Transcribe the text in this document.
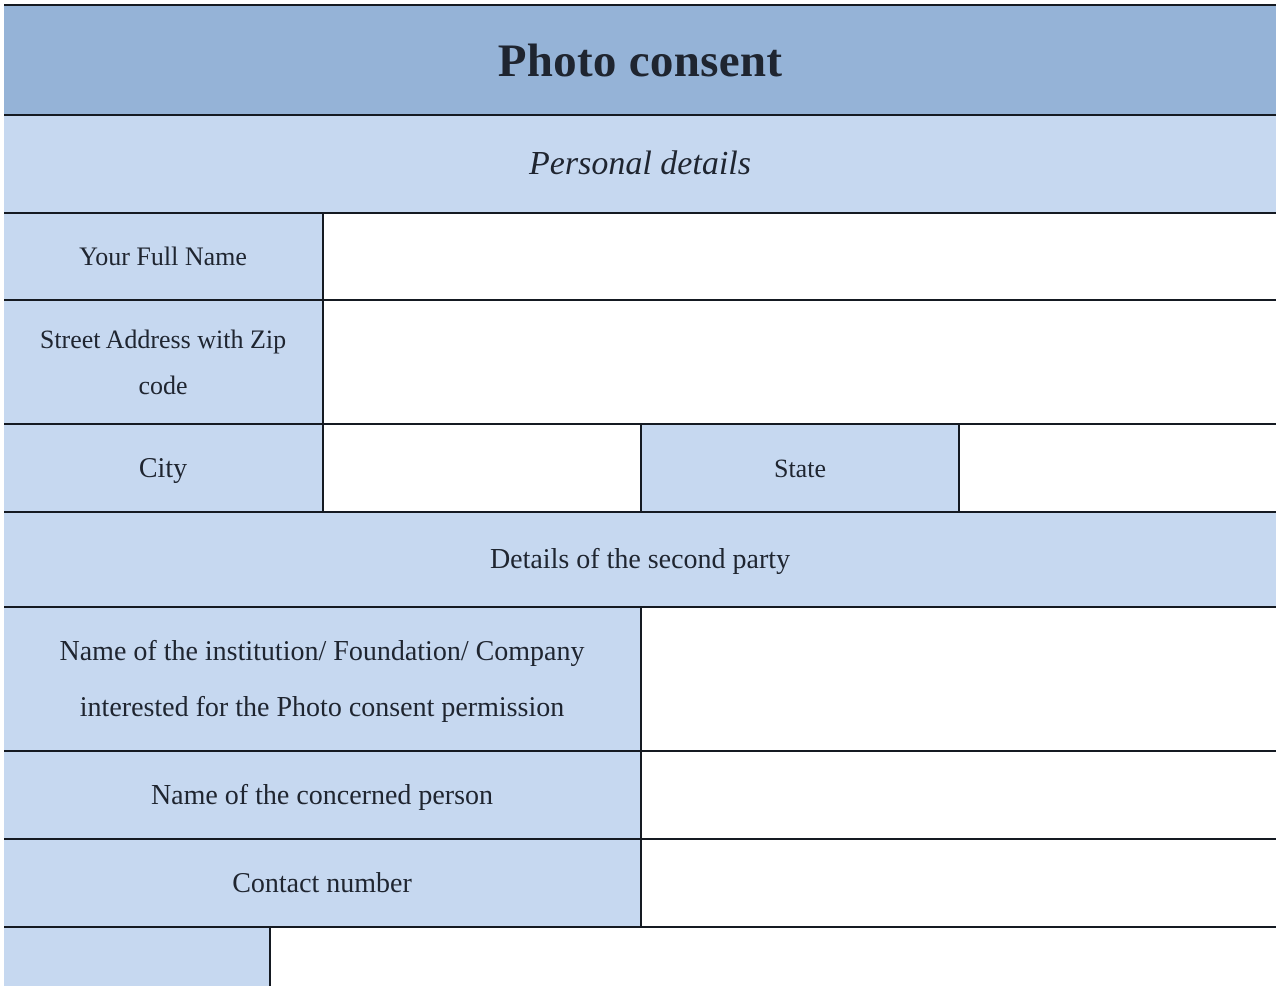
Photo consent
Personal details
Your Full Name
Street Address with Zip code
City	State
Details of the second party
Name of the institution/ Foundation/ Company interested for the Photo consent permission
Name of the concerned person
Contact number
